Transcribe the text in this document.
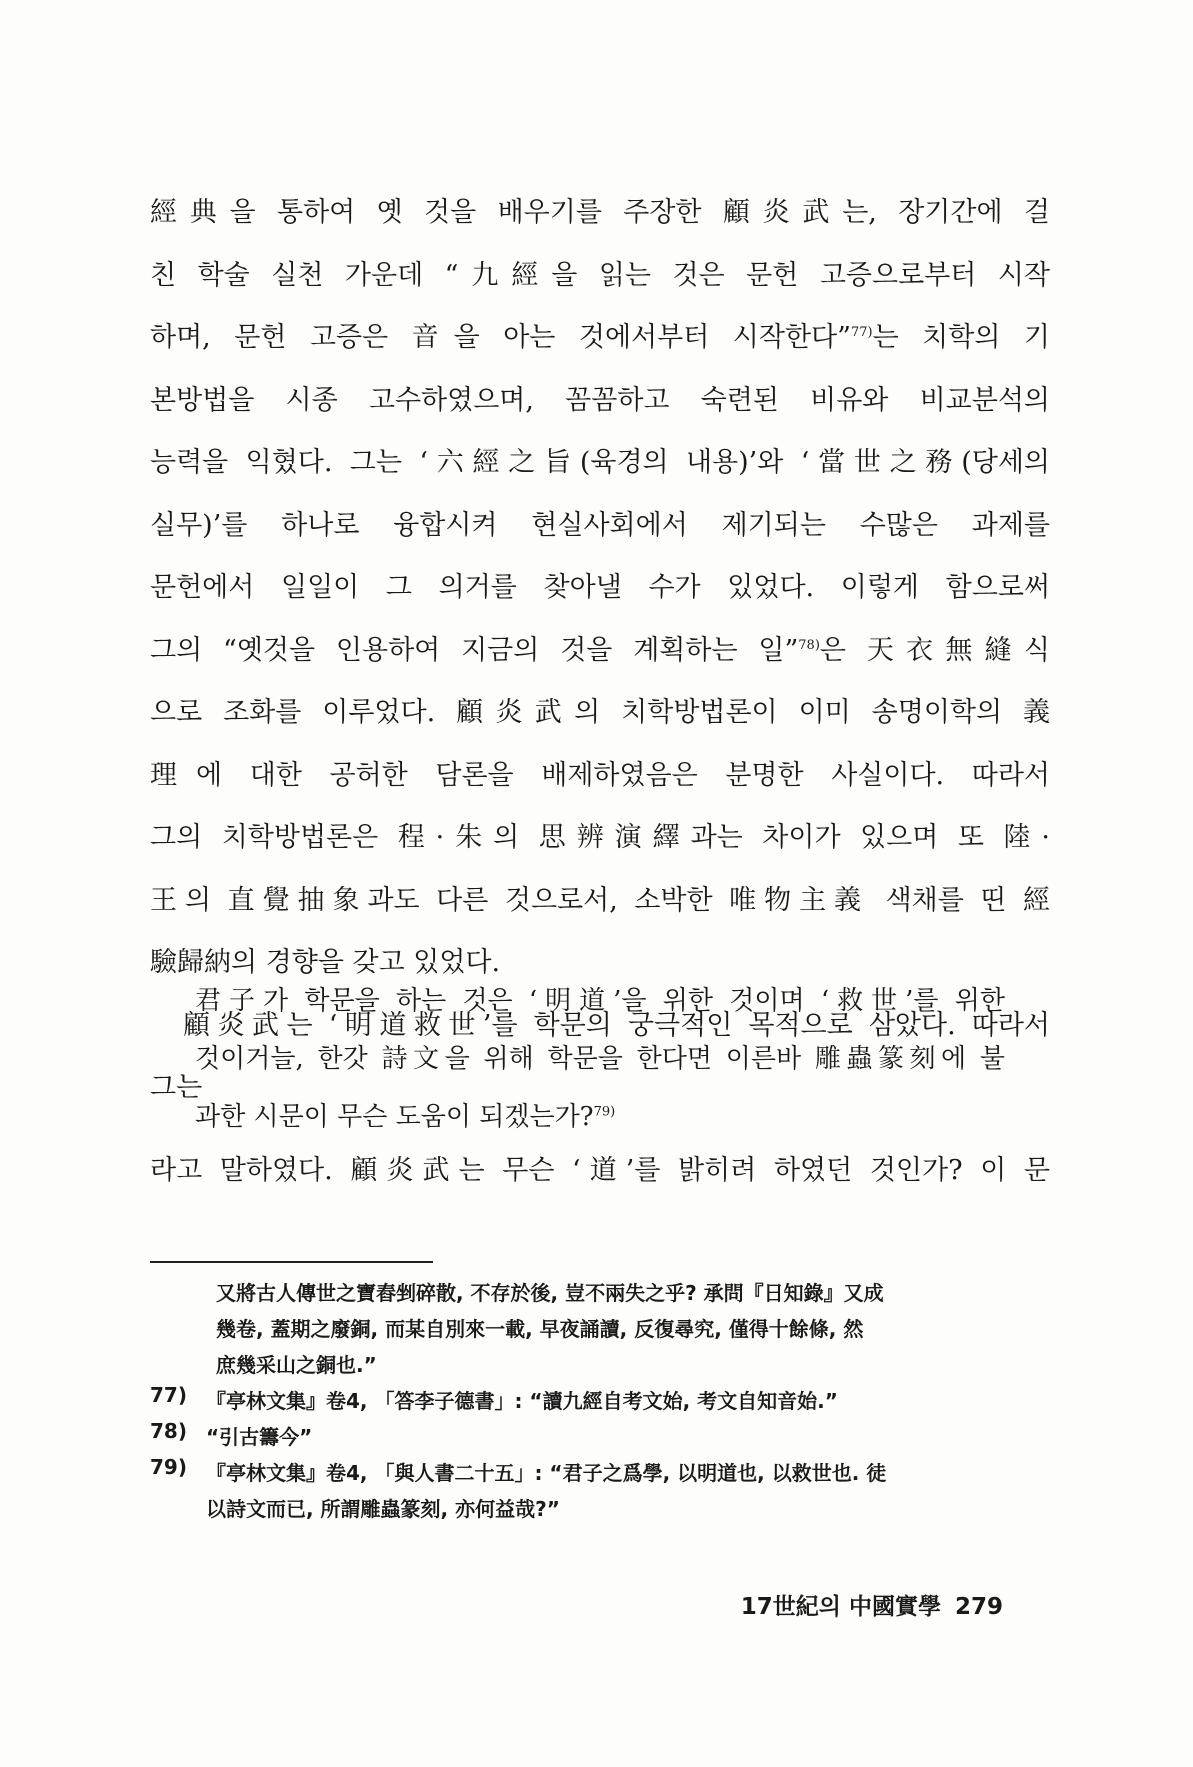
經典을 통하여 옛 것을 배우기를 주장한 顧炎武는, 장기간에 걸
친 학술 실천 가운데 “九經을 읽는 것은 문헌 고증으로부터 시작
하며, 문헌 고증은 音을 아는 것에서부터 시작한다”$^{77)}$는 치학의 기
본방법을 시종 고수하였으며, 꼼꼼하고 숙련된 비유와 비교분석의
능력을 익혔다. 그는 ‘六經之旨(육경의 내용)’와 ‘當世之務(당세의
실무)’를 하나로 융합시켜 현실사회에서 제기되는 수많은 과제를
문헌에서 일일이 그 의거를 찾아낼 수가 있었다. 이렇게 함으로써
그의 “옛것을 인용하여 지금의 것을 계획하는 일”$^{78)}$은 天衣無縫식
으로 조화를 이루었다. 顧炎武의 치학방법론이 이미 송명이학의 義
理에 대한 공허한 담론을 배제하였음은 분명한 사실이다. 따라서
그의 치학방법론은 程·朱의 思辨演繹과는 차이가 있으며 또 陸·
王의 直覺抽象과도 다른 것으로서, 소박한 唯物主義 색채를 띤 經
驗歸納의 경향을 갖고 있었다.
顧炎武는 ‘明道救世’를 학문의 궁극적인 목적으로 삼았다. 따라서
그는
君子가 학문을 하는 것은 ‘明道’을 위한 것이며 ‘救世’를 위한
것이거늘, 한갓 詩文을 위해 학문을 한다면 이른바 雕蟲篆刻에 불
과한 시문이 무슨 도움이 되겠는가?$^{79)}$
라고 말하였다. 顧炎武는 무슨 ‘道’를 밝히려 하였던 것인가? 이 문
又將古人傳世之寶舂剉碎散, 不存於後, 豈不兩失之乎? 承問『日知錄』又成
幾卷, 蓋期之廢銅, 而某自別來一載, 早夜誦讀, 反復尋究, 僅得十餘條, 然
庶幾采山之銅也.”
77) 『亭林文集』卷4, 「答李子德書」: “讀九經自考文始, 考文自知音始.”
78) “引古籌今”
79) 『亭林文集』卷4, 「與人書二十五」: “君子之爲學, 以明道也, 以救世也. 徒
以詩文而已, 所謂雕蟲篆刻, 亦何益哉?”
17世紀의 中國實學 279
